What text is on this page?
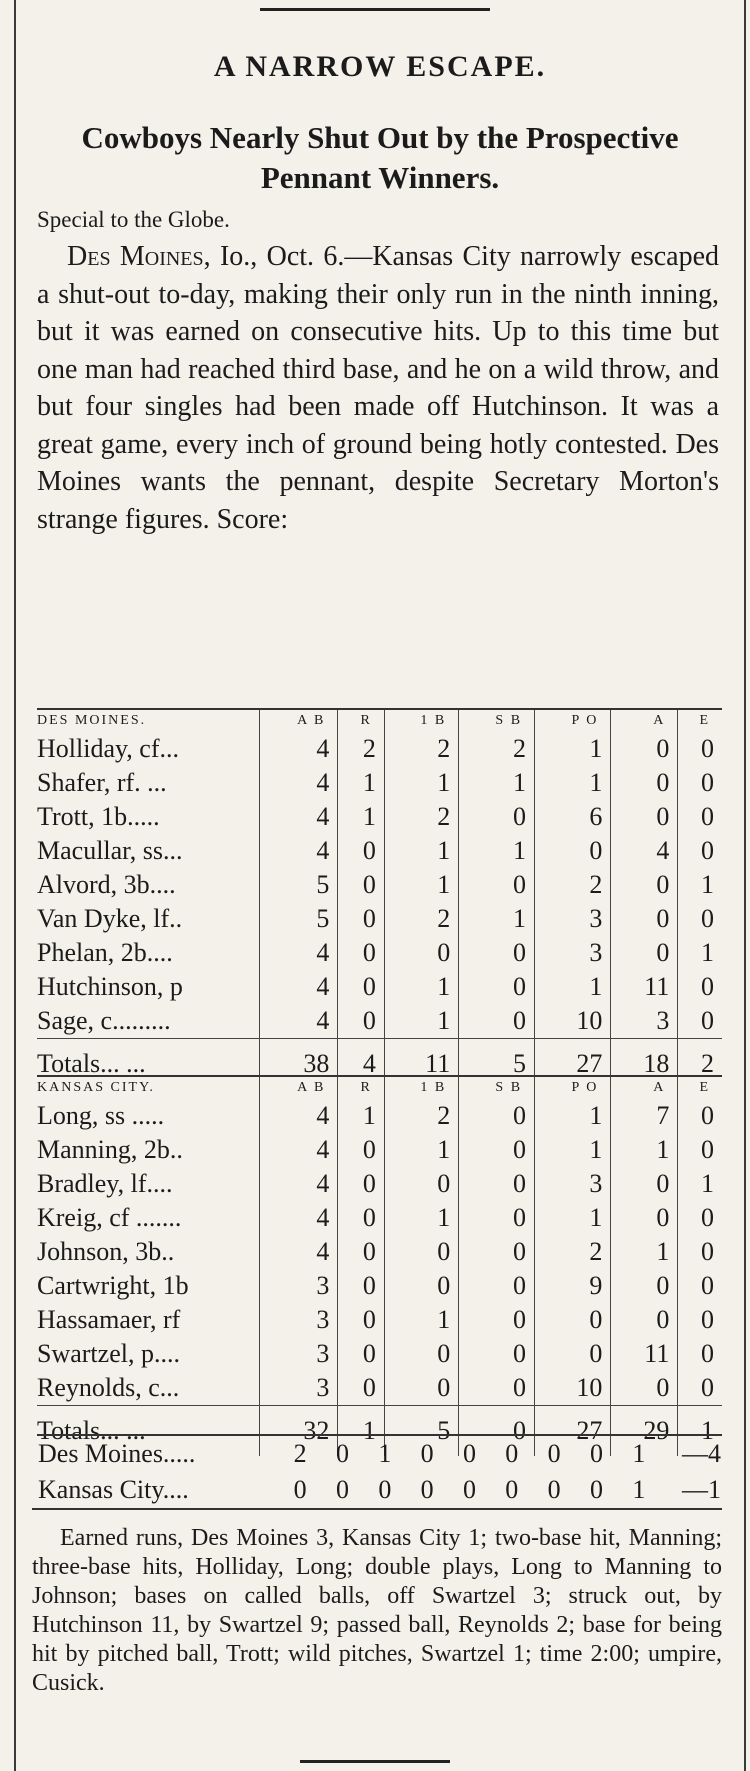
A NARROW ESCAPE.
Cowboys Nearly Shut Out by the Prospective Pennant Winners.
Special to the Globe.
Des Moines, Io., Oct. 6.—Kansas City narrowly escaped a shut-out to-day, making their only run in the ninth inning, but it was earned on consecutive hits. Up to this time but one man had reached third base, and he on a wild throw, and but four singles had been made off Hutchinson. It was a great game, every inch of ground being hotly contested. Des Moines wants the pennant, despite Secretary Morton's strange figures. Score:
DES MOINES.	A B	R	1 B	S B	P O	A	E
Holliday, cf...	4	2	2	2	1	0	0
Shafer, rf. ...	4	1	1	1	1	0	0
Trott, 1b.....	4	1	2	0	6	0	0
Macullar, ss...	4	0	1	1	0	4	0
Alvord, 3b....	5	0	1	0	2	0	1
Van Dyke, lf..	5	0	2	1	3	0	0
Phelan, 2b....	4	0	0	0	3	0	1
Hutchinson, p	4	0	1	0	1	11	0
Sage, c.........	4	0	1	0	10	3	0
Totals... ...	38	4	11	5	27	18	2
KANSAS CITY.	A B	R	1 B	S B	P O	A	E
Long, ss .....	4	1	2	0	1	7	0
Manning, 2b..	4	0	1	0	1	1	0
Bradley, lf....	4	0	0	0	3	0	1
Kreig, cf .......	4	0	1	0	1	0	0
Johnson, 3b..	4	0	0	0	2	1	0
Cartwright, 1b	3	0	0	0	9	0	0
Hassamaer, rf	3	0	1	0	0	0	0
Swartzel, p....	3	0	0	0	0	11	0
Reynolds, c...	3	0	0	0	10	0	0
Totals... ...	32	1	5	0	27	29	1
Des Moines.....	2	0	1	0	0	0	0	0	1	—4
Kansas City....	0	0	0	0	0	0	0	0	1	—1
Earned runs, Des Moines 3, Kansas City 1; two-base hit, Manning; three-base hits, Holliday, Long; double plays, Long to Manning to Johnson; bases on called balls, off Swartzel 3; struck out, by Hutchinson 11, by Swartzel 9; passed ball, Reynolds 2; base for being hit by pitched ball, Trott; wild pitches, Swartzel 1; time 2:00; umpire, Cusick.
